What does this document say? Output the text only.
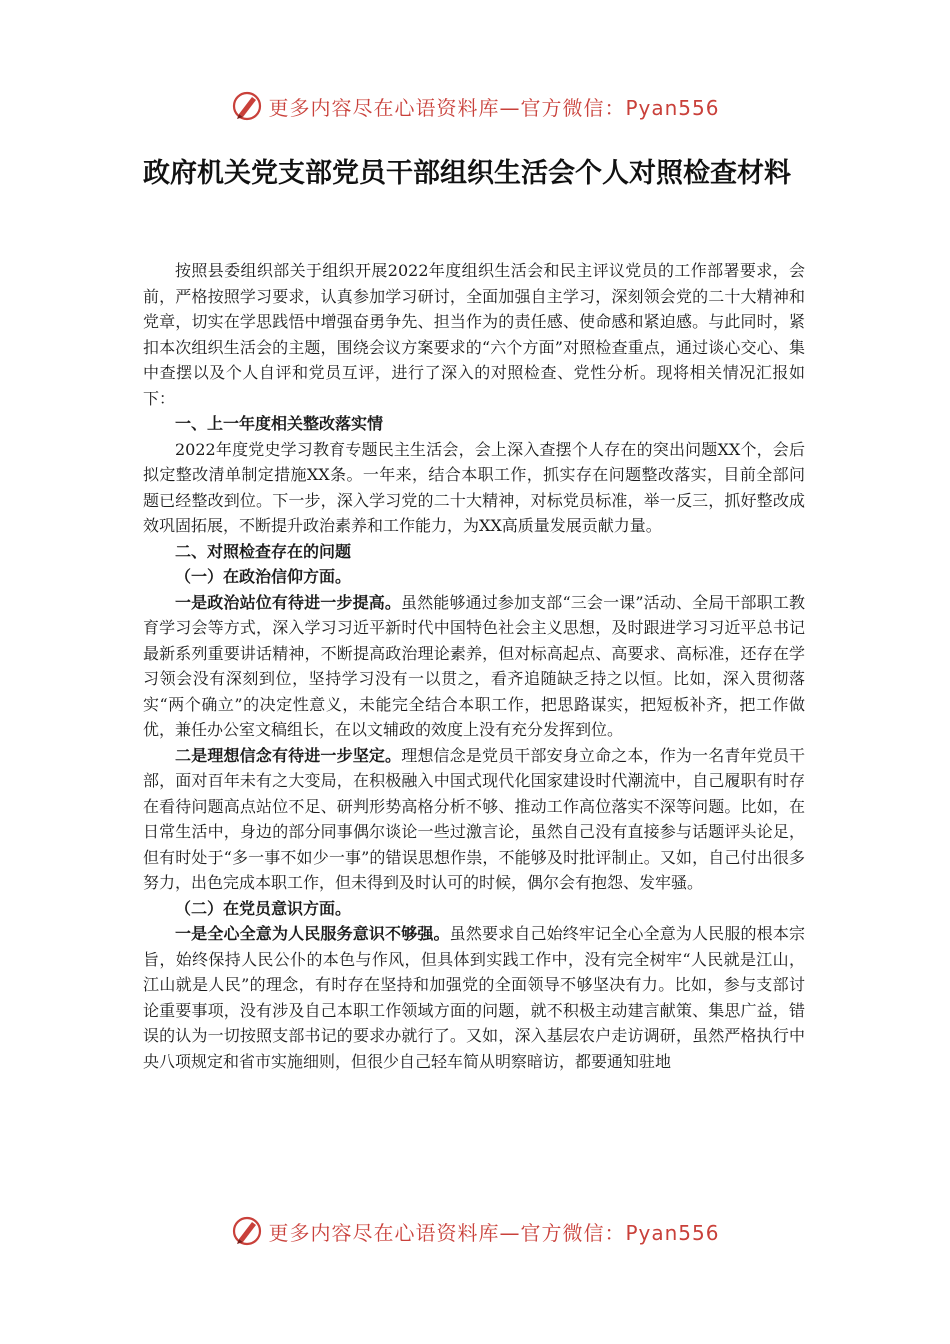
更多内容尽在心语资料库—官方微信：Pyan556
政府机关党支部党员干部组织生活会个人对照检查材料

按照县委组织部关于组织开展2022年度组织生活会和民主评议党员的工作部署要求，会前，严格按照学习要求，认真参加学习研讨，全面加强自主学习，深刻领会党的二十大精神和党章，切实在学思践悟中增强奋勇争先、担当作为的责任感、使命感和紧迫感。与此同时，紧扣本次组织生活会的主题，围绕会议方案要求的“六个方面”对照检查重点，通过谈心交心、集中查摆以及个人自评和党员互评，进行了深入的对照检查、党性分析。现将相关情况汇报如下：

一、上一年度相关整改落实情

2022年度党史学习教育专题民主生活会，会上深入查摆个人存在的突出问题XX个，会后拟定整改清单制定措施XX条。一年来，结合本职工作，抓实存在问题整改落实，目前全部问题已经整改到位。下一步，深入学习党的二十大精神，对标党员标准，举一反三，抓好整改成效巩固拓展，不断提升政治素养和工作能力，为XX高质量发展贡献力量。

二、对照检查存在的问题

（一）在政治信仰方面。

一是政治站位有待进一步提高。虽然能够通过参加支部“三会一课”活动、全局干部职工教育学习会等方式，深入学习习近平新时代中国特色社会主义思想，及时跟进学习习近平总书记最新系列重要讲话精神，不断提高政治理论素养，但对标高起点、高要求、高标准，还存在学习领会没有深刻到位，坚持学习没有一以贯之，看齐追随缺乏持之以恒。比如，深入贯彻落实“两个确立”的决定性意义，未能完全结合本职工作，把思路谋实，把短板补齐，把工作做优，兼任办公室文稿组长，在以文辅政的效度上没有充分发挥到位。

二是理想信念有待进一步坚定。理想信念是党员干部安身立命之本，作为一名青年党员干部，面对百年未有之大变局，在积极融入中国式现代化国家建设时代潮流中，自己履职有时存在看待问题高点站位不足、研判形势高格分析不够、推动工作高位落实不深等问题。比如，在日常生活中，身边的部分同事偶尔谈论一些过激言论，虽然自己没有直接参与话题评头论足，但有时处于“多一事不如少一事”的错误思想作祟，不能够及时批评制止。又如，自己付出很多努力，出色完成本职工作，但未得到及时认可的时候，偶尔会有抱怨、发牢骚。

（二）在党员意识方面。

一是全心全意为人民服务意识不够强。虽然要求自己始终牢记全心全意为人民服的根本宗旨，始终保持人民公仆的本色与作风，但具体到实践工作中，没有完全树牢“人民就是江山，江山就是人民”的理念，有时存在坚持和加强党的全面领导不够坚决有力。比如，参与支部讨论重要事项，没有涉及自己本职工作领域方面的问题，就不积极主动建言献策、集思广益，错误的认为一切按照支部书记的要求办就行了。又如，深入基层农户走访调研，虽然严格执行中央八项规定和省市实施细则，但很少自己轻车简从明察暗访，都要通知驻地

更多内容尽在心语资料库—官方微信：Pyan556
